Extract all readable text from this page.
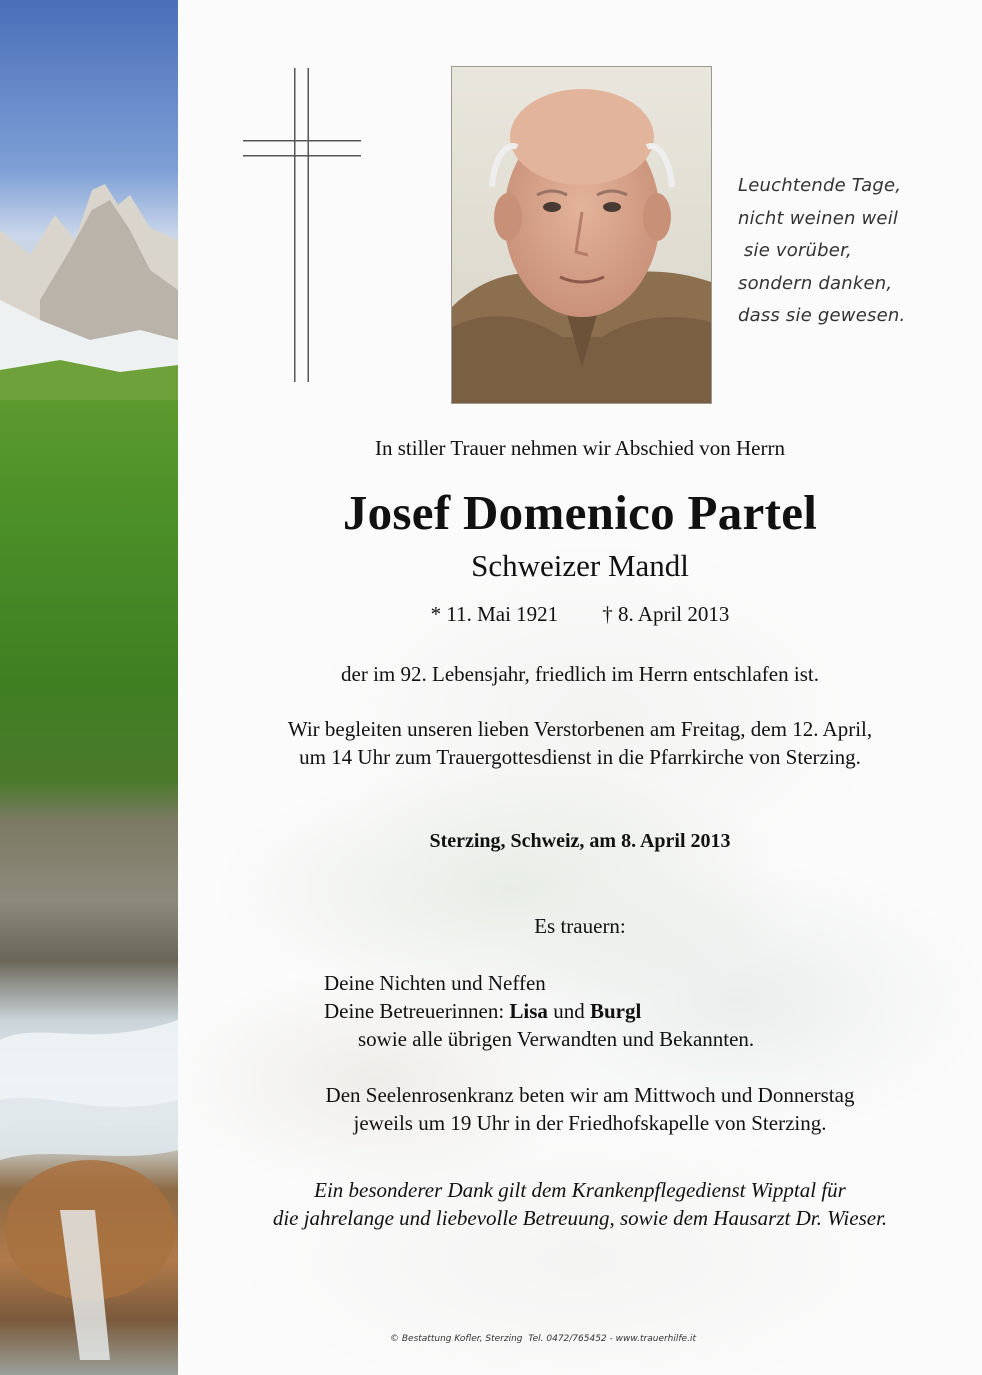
Leuchtende Tage,
nicht weinen weil
sie vorüber,
sondern danken,
dass sie gewesen.
In stiller Trauer nehmen wir Abschied von Herrn
Josef Domenico Partel
Schweizer Mandl
* 11. Mai 1921 † 8. April 2013
der im 92. Lebensjahr, friedlich im Herrn entschlafen ist.
Wir begleiten unseren lieben Verstorbenen am Freitag, dem 12. April,
um 14 Uhr zum Trauergottesdienst in die Pfarrkirche von Sterzing.
Sterzing, Schweiz, am 8. April 2013
Es trauern:
Deine Nichten und Neffen
Deine Betreuerinnen: Lisa und Burgl
sowie alle übrigen Verwandten und Bekannten.
Den Seelenrosenkranz beten wir am Mittwoch und Donnerstag
jeweils um 19 Uhr in der Friedhofskapelle von Sterzing.
Ein besonderer Dank gilt dem Krankenpflegedienst Wipptal für
die jahrelange und liebevolle Betreuung, sowie dem Hausarzt Dr. Wieser.
© Bestattung Kofler, Sterzing  Tel. 0472/765452 - www.trauerhilfe.it
